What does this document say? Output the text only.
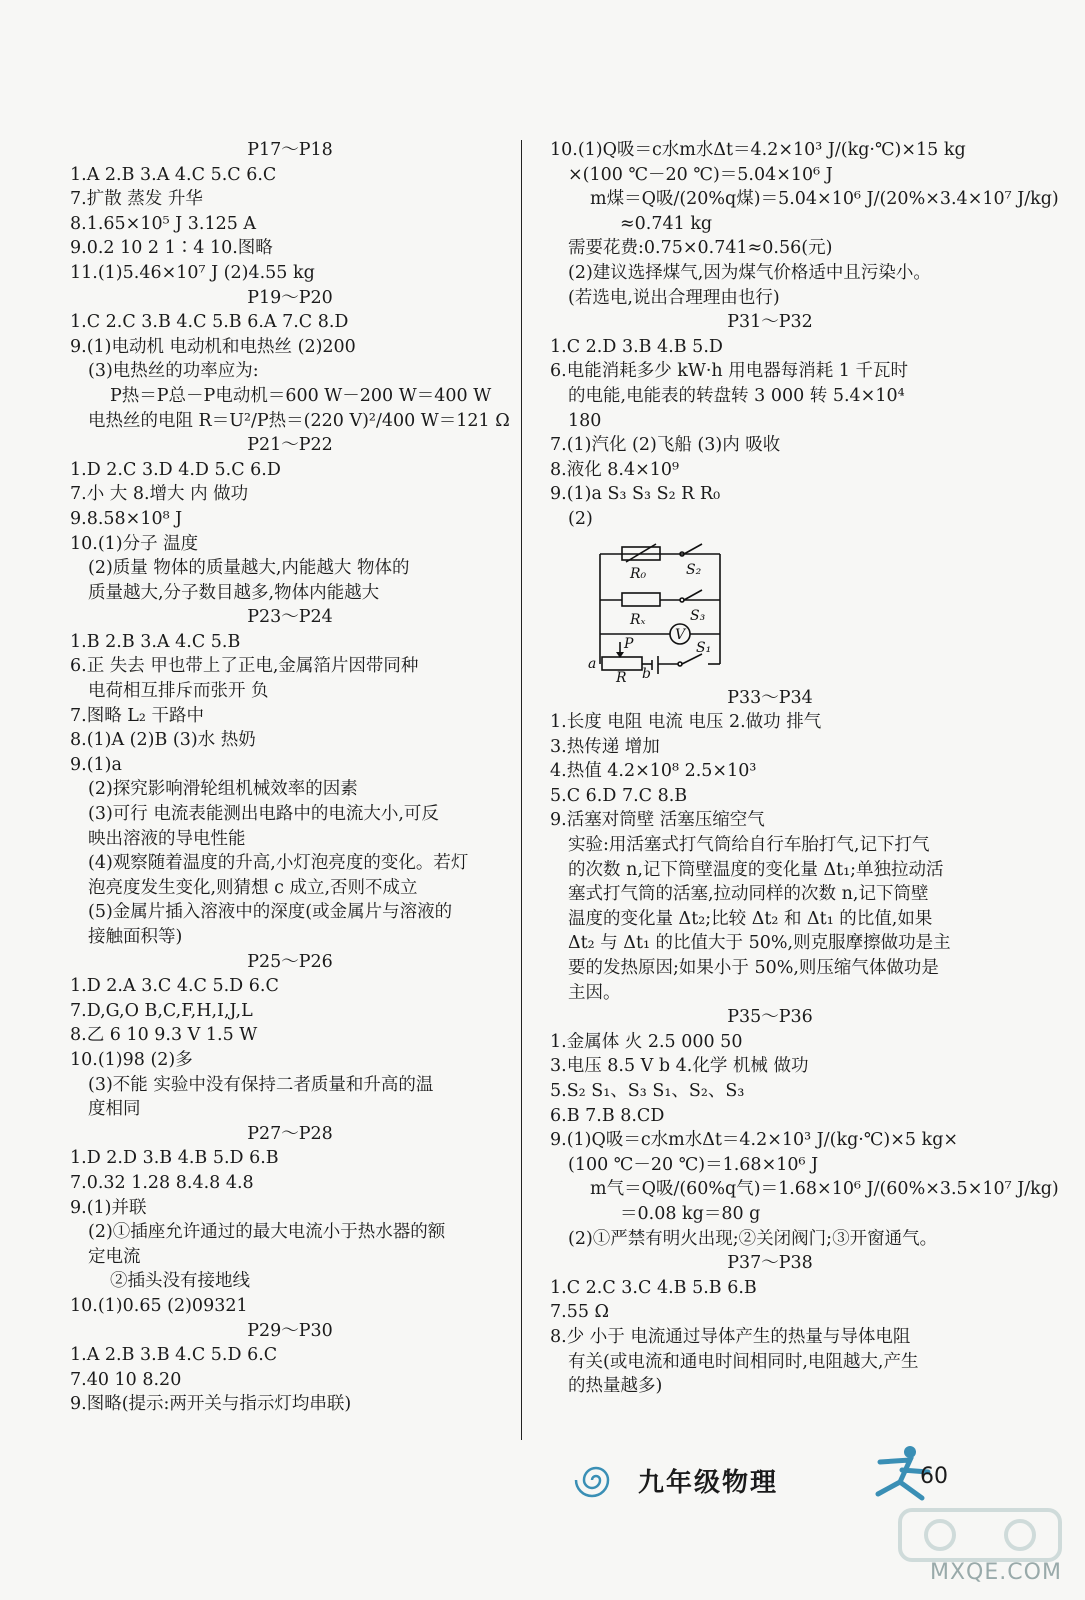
P17～P18
1.A 2.B 3.A 4.C 5.C 6.C
7.扩散 蒸发 升华
8.1.65×10⁵ J 3.125 A
9.0.2 10 2 1∶4 10.图略
11.(1)5.46×10⁷ J (2)4.55 kg
P19～P20
1.C 2.C 3.B 4.C 5.B 6.A 7.C 8.D
9.(1)电动机 电动机和电热丝 (2)200
(3)电热丝的功率应为:
P热＝P总－P电动机＝600 W－200 W＝400 W
电热丝的电阻 R＝U²/P热＝(220 V)²/400 W＝121 Ω
P21～P22
1.D 2.C 3.D 4.D 5.C 6.D
7.小 大 8.增大 内 做功
9.8.58×10⁸ J
10.(1)分子 温度
(2)质量 物体的质量越大,内能越大 物体的
质量越大,分子数目越多,物体内能越大
P23～P24
1.B 2.B 3.A 4.C 5.B
6.正 失去 甲也带上了正电,金属箔片因带同种
电荷相互排斥而张开 负
7.图略 L₂ 干路中
8.(1)A (2)B (3)水 热奶
9.(1)a
(2)探究影响滑轮组机械效率的因素
(3)可行 电流表能测出电路中的电流大小,可反
映出溶液的导电性能
(4)观察随着温度的升高,小灯泡亮度的变化。若灯
泡亮度发生变化,则猜想 c 成立,否则不成立
(5)金属片插入溶液中的深度(或金属片与溶液的
接触面积等)
P25～P26
1.D 2.A 3.C 4.C 5.D 6.C
7.D,G,O B,C,F,H,I,J,L
8.乙 6 10 9.3 V 1.5 W
10.(1)98 (2)多
(3)不能 实验中没有保持二者质量和升高的温
度相同
P27～P28
1.D 2.D 3.B 4.B 5.D 6.B
7.0.32 1.28 8.4.8 4.8
9.(1)并联
(2)①插座允许通过的最大电流小于热水器的额
定电流
②插头没有接地线
10.(1)0.65 (2)09321
P29～P30
1.A 2.B 3.B 4.C 5.D 6.C
7.40 10 8.20
9.图略(提示:两开关与指示灯均串联)
10.(1)Q吸＝c水m水Δt＝4.2×10³ J/(kg·℃)×15 kg
×(100 ℃－20 ℃)＝5.04×10⁶ J
m煤＝Q吸/(20%q煤)＝5.04×10⁶ J/(20%×3.4×10⁷ J/kg)
≈0.741 kg
需要花费:0.75×0.741≈0.56(元)
(2)建议选择煤气,因为煤气价格适中且污染小。
(若选电,说出合理理由也行)
P31～P32
1.C 2.D 3.B 4.B 5.D
6.电能消耗多少 kW·h 用电器每消耗 1 千瓦时
的电能,电能表的转盘转 3 000 转 5.4×10⁴
180
7.(1)汽化 (2)飞船 (3)内 吸收
8.液化 8.4×10⁹
9.(1)a S₃ S₃ S₂ R R₀
(2)
R₀	S₂
Rₓ	S₃
V
S₁
P
a
R b
P33～P34
1.长度 电阻 电流 电压 2.做功 排气
3.热传递 增加
4.热值 4.2×10⁸ 2.5×10³
5.C 6.D 7.C 8.B
9.活塞对筒壁 活塞压缩空气
实验:用活塞式打气筒给自行车胎打气,记下打气
的次数 n,记下筒壁温度的变化量 Δt₁;单独拉动活
塞式打气筒的活塞,拉动同样的次数 n,记下筒壁
温度的变化量 Δt₂;比较 Δt₂ 和 Δt₁ 的比值,如果
Δt₂ 与 Δt₁ 的比值大于 50%,则克服摩擦做功是主
要的发热原因;如果小于 50%,则压缩气体做功是
主因。
P35～P36
1.金属体 火 2.5 000 50
3.电压 8.5 V b 4.化学 机械 做功
5.S₂ S₁、S₃ S₁、S₂、S₃
6.B 7.B 8.CD
9.(1)Q吸＝c水m水Δt＝4.2×10³ J/(kg·℃)×5 kg×
(100 ℃－20 ℃)＝1.68×10⁶ J
m气＝Q吸/(60%q气)＝1.68×10⁶ J/(60%×3.5×10⁷ J/kg)
＝0.08 kg＝80 g
(2)①严禁有明火出现;②关闭阀门;③开窗通气。
P37～P38
1.C 2.C 3.C 4.B 5.B 6.B
7.55 Ω
8.少 小于 电流通过导体产生的热量与导体电阻
有关(或电流和通电时间相同时,电阻越大,产生
的热量越多)
九年级物理	60
MXQE.COM
